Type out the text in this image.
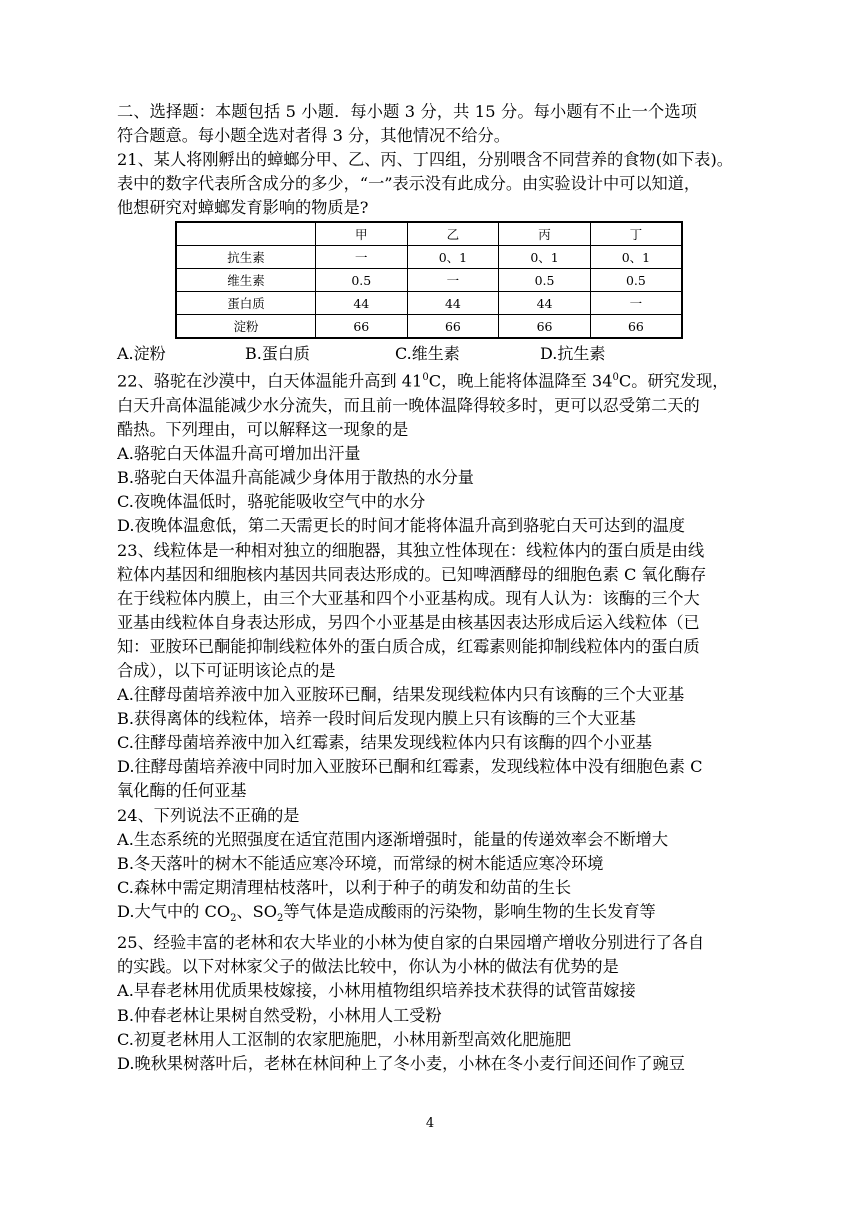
二、选择题：本题包括 5 小题．每小题 3 分，共 15 分。每小题有不止一个选项
符合题意。每小题全选对者得 3 分，其他情况不给分。
21、某人将刚孵出的蟑螂分甲、乙、丙、丁四组，分别喂含不同营养的食物(如下表)。
表中的数字代表所含成分的多少，“一”表示没有此成分。由实验设计中可以知道，
他想研究对蟑螂发育影响的物质是?
	甲	乙	丙	丁
抗生素	一	0、1	0、1	0、1
维生素	0.5	一	0.5	0.5
蛋白质	44	44	44	一
淀粉	66	66	66	66
A.淀粉	B.蛋白质	C.维生素	D.抗生素
22、骆驼在沙漠中，白天体温能升高到 $41^0C$，晚上能将体温降至 $34^0C$。研究发现，
白天升高体温能减少水分流失，而且前一晚体温降得较多时，更可以忍受第二天的
酷热。下列理由，可以解释这一现象的是
A.骆驼白天体温升高可增加出汗量
B.骆驼白天体温升高能减少身体用于散热的水分量
C.夜晚体温低时，骆驼能吸收空气中的水分
D.夜晚体温愈低，第二天需更长的时间才能将体温升高到骆驼白天可达到的温度
23、线粒体是一种相对独立的细胞器，其独立性体现在：线粒体内的蛋白质是由线
粒体内基因和细胞核内基因共同表达形成的。已知啤酒酵母的细胞色素 C 氧化酶存
在于线粒体内膜上，由三个大亚基和四个小亚基构成。现有人认为：该酶的三个大
亚基由线粒体自身表达形成，另四个小亚基是由核基因表达形成后运入线粒体（已
知：亚胺环已酮能抑制线粒体外的蛋白质合成，红霉素则能抑制线粒体内的蛋白质
合成），以下可证明该论点的是
A.往酵母菌培养液中加入亚胺环已酮，结果发现线粒体内只有该酶的三个大亚基
B.获得离体的线粒体，培养一段时间后发现内膜上只有该酶的三个大亚基
C.往酵母菌培养液中加入红霉素，结果发现线粒体内只有该酶的四个小亚基
D.往酵母菌培养液中同时加入亚胺环已酮和红霉素，发现线粒体中没有细胞色素 C
氧化酶的任何亚基
24、下列说法不正确的是
A.生态系统的光照强度在适宜范围内逐渐增强时，能量的传递效率会不断增大
B.冬天落叶的树木不能适应寒冷环境，而常绿的树木能适应寒冷环境
C.森林中需定期清理枯枝落叶，以利于种子的萌发和幼苗的生长
D.大气中的 $CO_2$、$SO_2$等气体是造成酸雨的污染物，影响生物的生长发育等
25、经验丰富的老林和农大毕业的小林为使自家的白果园增产增收分别进行了各自
的实践。以下对林家父子的做法比较中，你认为小林的做法有优势的是
A.早春老林用优质果枝嫁接，小林用植物组织培养技术获得的试管苗嫁接
B.仲春老林让果树自然受粉，小林用人工受粉
C.初夏老林用人工沤制的农家肥施肥，小林用新型高效化肥施肥
D.晚秋果树落叶后，老林在林间种上了冬小麦，小林在冬小麦行间还间作了豌豆
4
